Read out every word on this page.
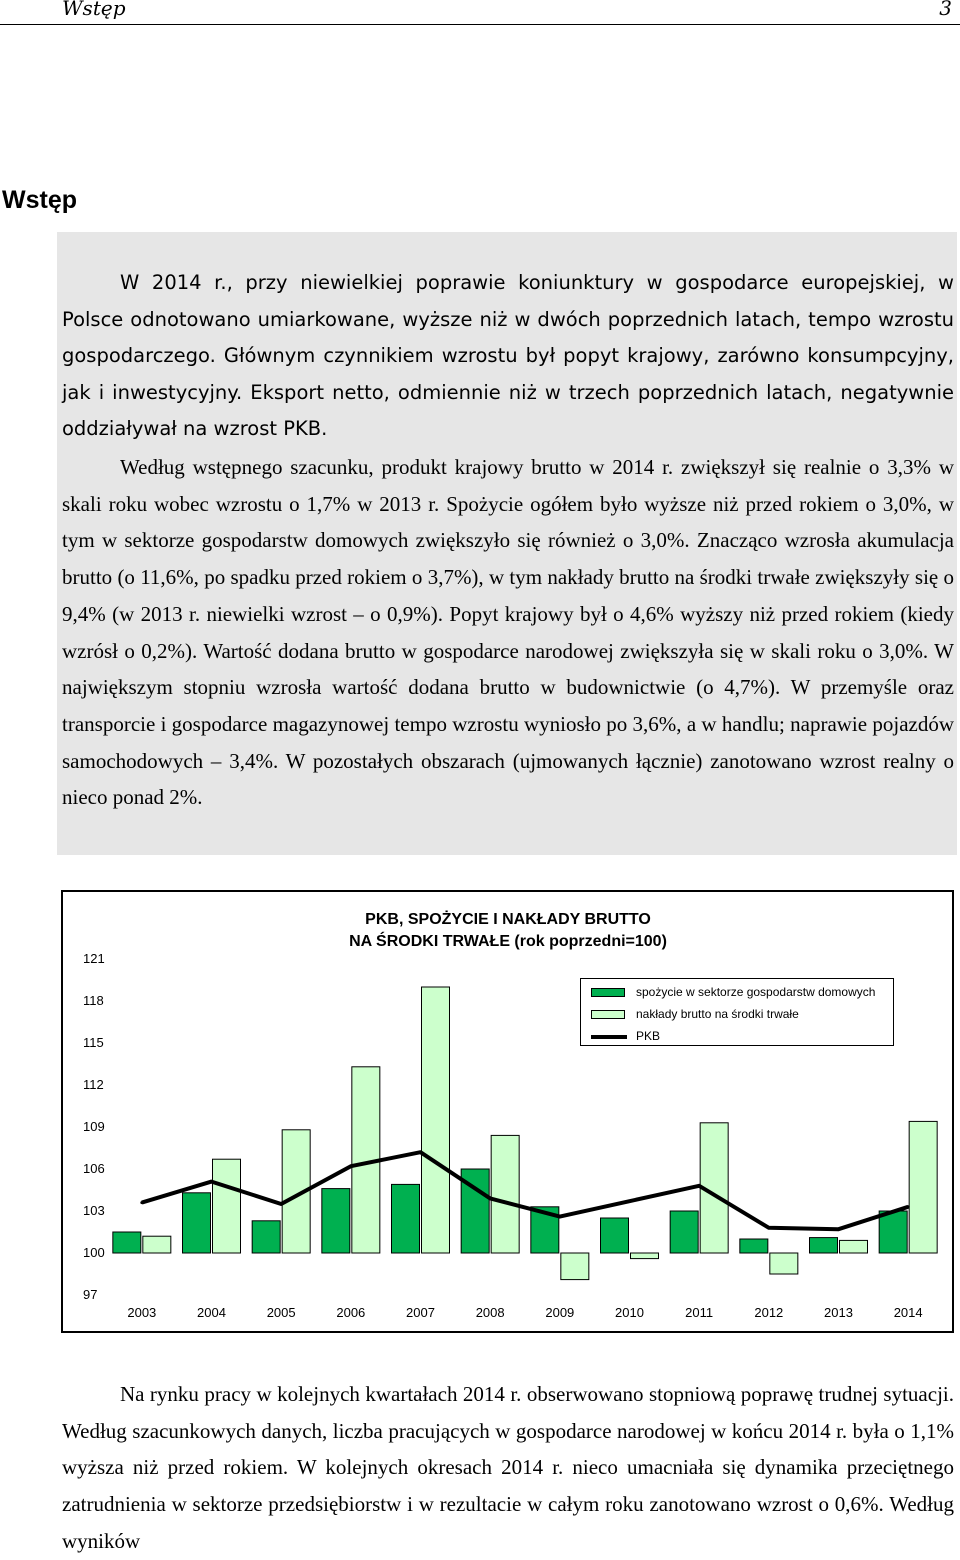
Wstęp	3
Wstęp

W 2014 r., przy niewielkiej poprawie koniunktury w gospodarce europejskiej, w Polsce odnotowano umiarkowane, wyższe niż w dwóch poprzednich latach, tempo wzrostu gospodarczego. Głównym czynnikiem wzrostu był popyt krajowy, zarówno konsumpcyjny, jak i inwestycyjny. Eksport netto, odmiennie niż w trzech poprzednich latach, negatywnie oddziaływał na wzrost PKB.

Według wstępnego szacunku, produkt krajowy brutto w 2014 r. zwiększył się realnie o 3,3% w skali roku wobec wzrostu o 1,7% w 2013 r. Spożycie ogółem było wyższe niż przed rokiem o 3,0%, w tym w sektorze gospodarstw domowych zwiększyło się również o 3,0%. Znacząco wzrosła akumulacja brutto (o 11,6%, po spadku przed rokiem o 3,7%), w tym nakłady brutto na środki trwałe zwiększyły się o 9,4% (w 2013 r. niewielki wzrost – o 0,9%). Popyt krajowy był o 4,6% wyższy niż przed rokiem (kiedy wzrósł o 0,2%). Wartość dodana brutto w gospodarce narodowej zwiększyła się w skali roku o 3,0%. W największym stopniu wzrosła wartość dodana brutto w budownictwie (o 4,7%). W przemyśle oraz transporcie i gospodarce magazynowej tempo wzrostu wyniosło po 3,6%, a w handlu; naprawie pojazdów samochodowych – 3,4%. W pozostałych obszarach (ujmowanych łącznie) zanotowano wzrost realny o nieco ponad 2%.

PKB, SPOŻYCIE I NAKŁADY BRUTTO
NA ŚRODKI TRWAŁE (rok poprzedni=100)
121
118
115
112
109
106
103
100
97
2003	2004	2005	2006	2007	2008	2009	2010	2011	2012	2013	2014
spożycie w sektorze gospodarstw domowych
nakłady brutto na środki trwałe
PKB

Na rynku pracy w kolejnych kwartałach 2014 r. obserwowano stopniową poprawę trudnej sytuacji. Według szacunkowych danych, liczba pracujących w gospodarce narodowej w końcu 2014 r. była o 1,1% wyższa niż przed rokiem. W kolejnych okresach 2014 r. nieco umacniała się dynamika przeciętnego zatrudnienia w sektorze przedsiębiorstw i w rezultacie w całym roku zanotowano wzrost o 0,6%. Według wyników
